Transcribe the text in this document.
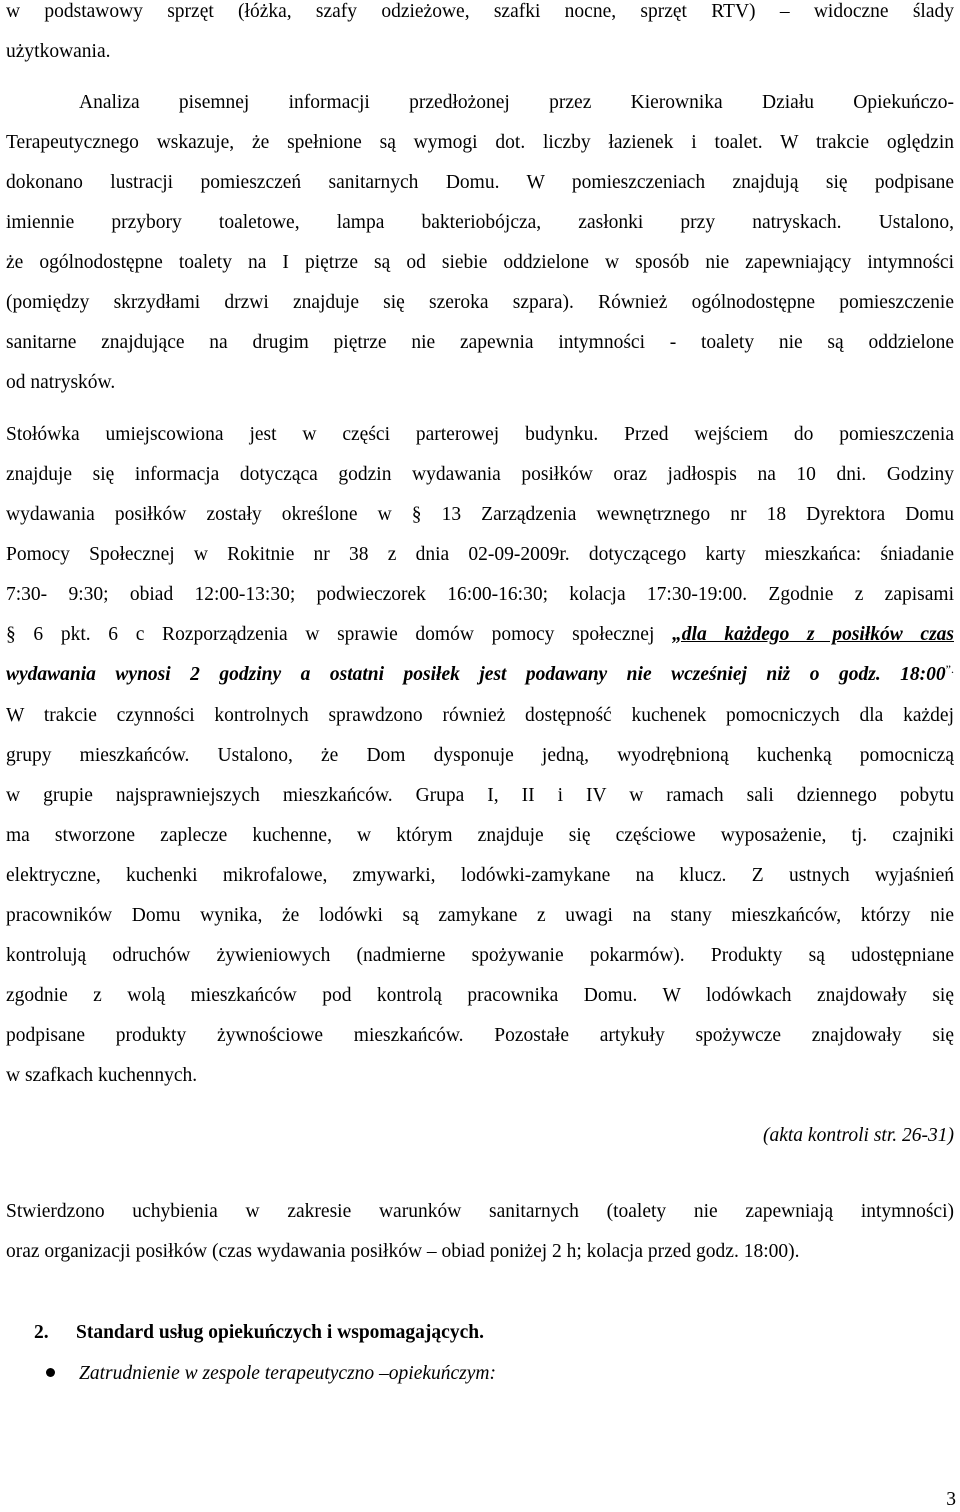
w podstawowy sprzęt (łóżka, szafy odzieżowe, szafki nocne, sprzęt RTV) – widoczne ślady
użytkowania.
Analiza pisemnej informacji przedłożonej przez Kierownika Działu Opiekuńczo-
Terapeutycznego wskazuje, że spełnione są wymogi dot. liczby łazienek i toalet. W trakcie oględzin
dokonano lustracji pomieszczeń sanitarnych Domu. W pomieszczeniach znajdują się podpisane
imiennie przybory toaletowe, lampa bakteriobójcza, zasłonki przy natryskach. Ustalono,
że ogólnodostępne toalety na I piętrze są od siebie oddzielone w sposób nie zapewniający intymności
(pomiędzy skrzydłami drzwi znajduje się szeroka szpara). Również ogólnodostępne pomieszczenie
sanitarne znajdujące na drugim piętrze nie zapewnia intymności - toalety nie są oddzielone
od natrysków.
Stołówka umiejscowiona jest w części parterowej budynku. Przed wejściem do pomieszczenia
znajduje się informacja dotycząca godzin wydawania posiłków oraz jadłospis na 10 dni. Godziny
wydawania posiłków zostały określone w § 13 Zarządzenia wewnętrznego nr 18 Dyrektora Domu
Pomocy Społecznej w Rokitnie nr 38 z dnia 02-09-2009r. dotyczącego karty mieszkańca: śniadanie
7:30- 9:30; obiad 12:00-13:30; podwieczorek 16:00-16:30; kolacja 17:30-19:00. Zgodnie z zapisami
§ 6 pkt. 6 c Rozporządzenia w sprawie domów pomocy społecznej „dla każdego z posiłków czas
wydawania wynosi 2 godziny a ostatni posiłek jest podawany nie wcześniej niż o godz. 18:00”.
W trakcie czynności kontrolnych sprawdzono również dostępność kuchenek pomocniczych dla każdej
grupy mieszkańców. Ustalono, że Dom dysponuje jedną, wyodrębnioną kuchenką pomocniczą
w grupie najsprawniejszych mieszkańców. Grupa I, II i IV w ramach sali dziennego pobytu
ma stworzone zaplecze kuchenne, w którym znajduje się częściowe wyposażenie, tj. czajniki
elektryczne, kuchenki mikrofalowe, zmywarki, lodówki-zamykane na klucz. Z ustnych wyjaśnień
pracowników Domu wynika, że lodówki są zamykane z uwagi na stany mieszkańców, którzy nie
kontrolują odruchów żywieniowych (nadmierne spożywanie pokarmów). Produkty są udostępniane
zgodnie z wolą mieszkańców pod kontrolą pracownika Domu. W lodówkach znajdowały się
podpisane produkty żywnościowe mieszkańców. Pozostałe artykuły spożywcze znajdowały się
w szafkach kuchennych.
(akta kontroli str. 26-31)
Stwierdzono uchybienia w zakresie warunków sanitarnych (toalety nie zapewniają intymności)
oraz organizacji posiłków (czas wydawania posiłków – obiad poniżej 2 h; kolacja przed godz. 18:00).
2. Standard usług opiekuńczych i wspomagających.
Zatrudnienie w zespole terapeutyczno –opiekuńczym:
3
